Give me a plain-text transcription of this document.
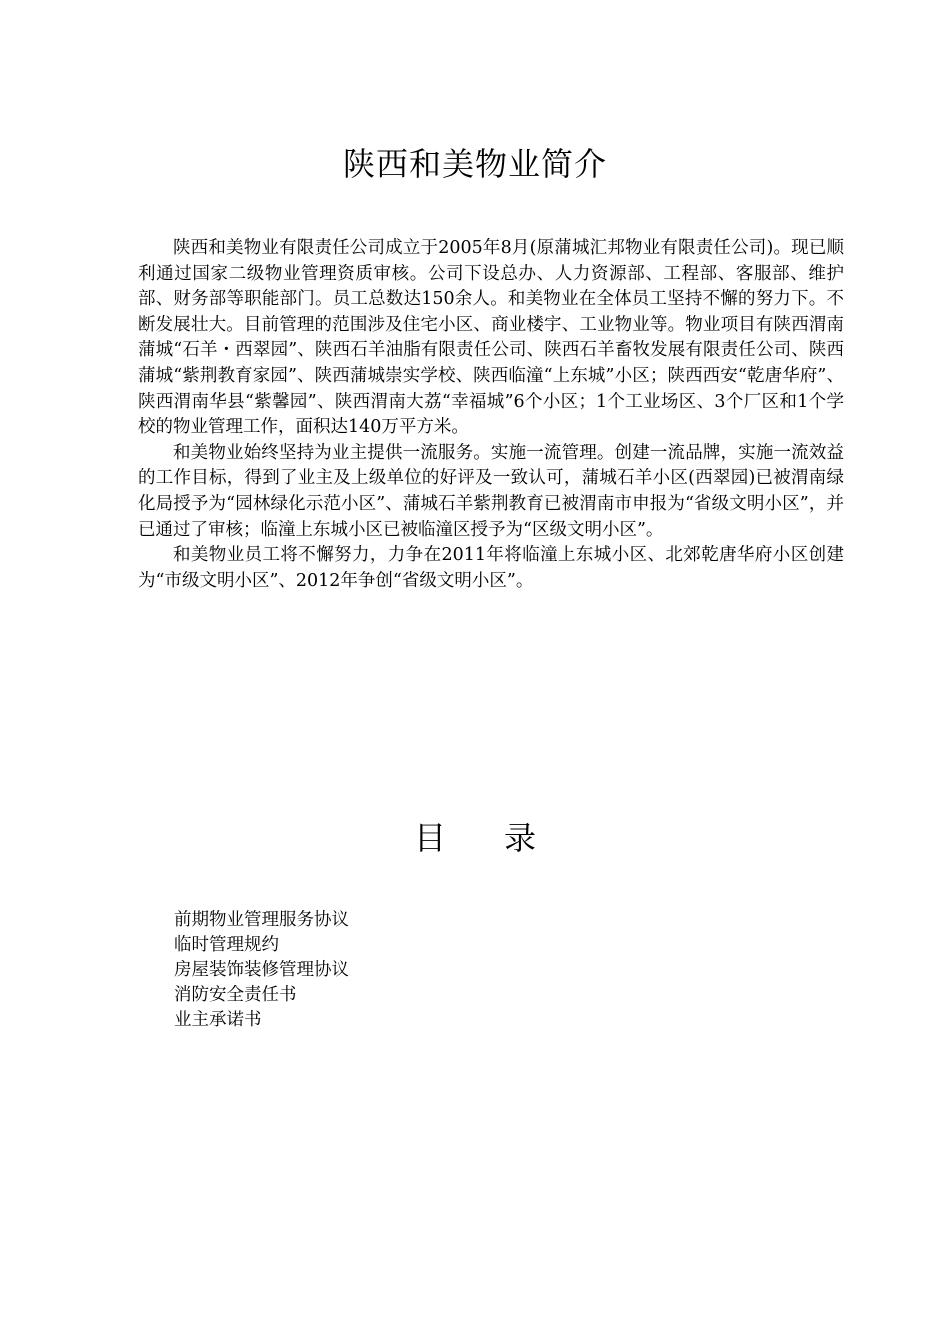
陕西和美物业简介

陕西和美物业有限责任公司成立于2005年8月(原蒲城汇邦物业有限责任公司)。现已顺利通过国家二级物业管理资质审核。公司下设总办、人力资源部、工程部、客服部、维护部、财务部等职能部门。员工总数达150余人。和美物业在全体员工坚持不懈的努力下。不断发展壮大。目前管理的范围涉及住宅小区、商业楼宇、工业物业等。物业项目有陕西渭南蒲城“石羊・西翠园”、陕西石羊油脂有限责任公司、陕西石羊畜牧发展有限责任公司、陕西蒲城“紫荆教育家园”、陕西蒲城崇实学校、陕西临潼“上东城”小区；陕西西安“乾唐华府”、陕西渭南华县“紫馨园”、陕西渭南大荔“幸福城”6个小区；1个工业场区、3个厂区和1个学校的物业管理工作，面积达140万平方米。

和美物业始终坚持为业主提供一流服务。实施一流管理。创建一流品牌，实施一流效益的工作目标，得到了业主及上级单位的好评及一致认可，蒲城石羊小区(西翠园)已被渭南绿化局授予为“园林绿化示范小区”、蒲城石羊紫荆教育已被渭南市申报为“省级文明小区”，并已通过了审核；临潼上东城小区已被临潼区授予为“区级文明小区”。

和美物业员工将不懈努力，力争在2011年将临潼上东城小区、北郊乾唐华府小区创建为“市级文明小区”、2012年争创“省级文明小区”。

目 录
前期物业管理服务协议
临时管理规约
房屋装饰装修管理协议
消防安全责任书
业主承诺书
